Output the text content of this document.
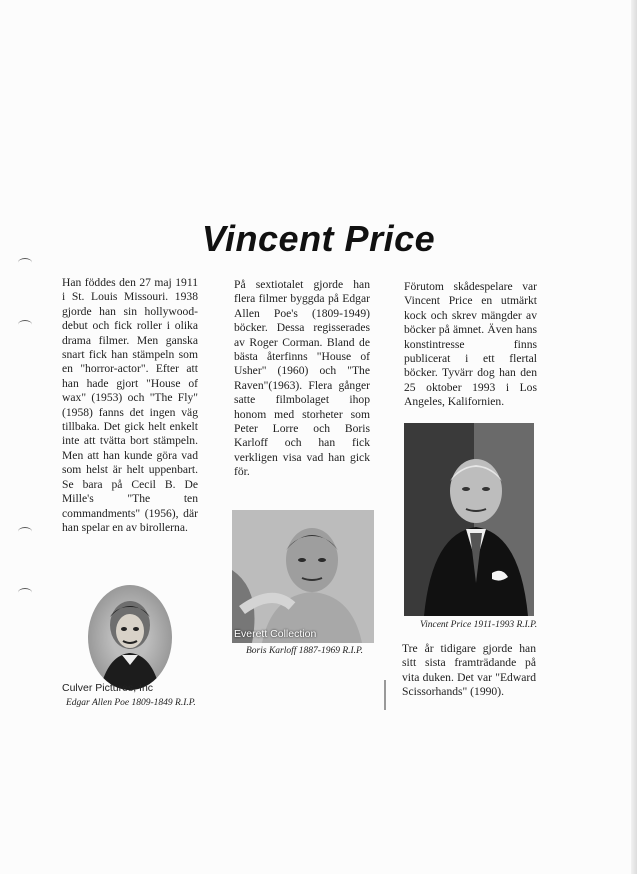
Vincent Price

Han föddes den 27 maj 1911 i St. Louis Missouri. 1938 gjorde han sin hollywood-debut och fick roller i olika drama filmer. Men ganska snart fick han stämpeln som en "horror-actor". Efter att han hade gjort "House of wax" (1953) och "The Fly" (1958) fanns det ingen väg tillbaka. Det gick helt enkelt inte att tvätta bort stämpeln. Men att han kunde göra vad som helst är helt uppenbart. Se bara på Cecil B. De Mille's "The ten commandments" (1956), där han spelar en av birollerna.

På sextiotalet gjorde han flera filmer byggda på Edgar Allen Poe's (1809-1949) böcker. Dessa regisserades av Roger Corman. Bland de bästa återfinns "House of Usher" (1960) och "The Raven"(1963). Flera gånger satte filmbolaget ihop honom med storheter som Peter Lorre och Boris Karloff och han fick verkligen visa vad han gick för.

Förutom skådespelare var Vincent Price en utmärkt kock och skrev mängder av böcker på ämnet. Även hans konstintresse finns publicerat i ett flertal böcker. Tyvärr dog han den 25 oktober 1993 i Los Angeles, Kalifornien.

Tre år tidigare gjorde han sitt sista framträdande på vita duken. Det var "Edward Scissorhands" (1990).

Culver Pictures, Inc
Edgar Allen Poe 1809-1849 R.I.P.
Everett Collection
Boris Karloff 1887-1969 R.I.P.
Vincent Price 1911-1993 R.I.P.
